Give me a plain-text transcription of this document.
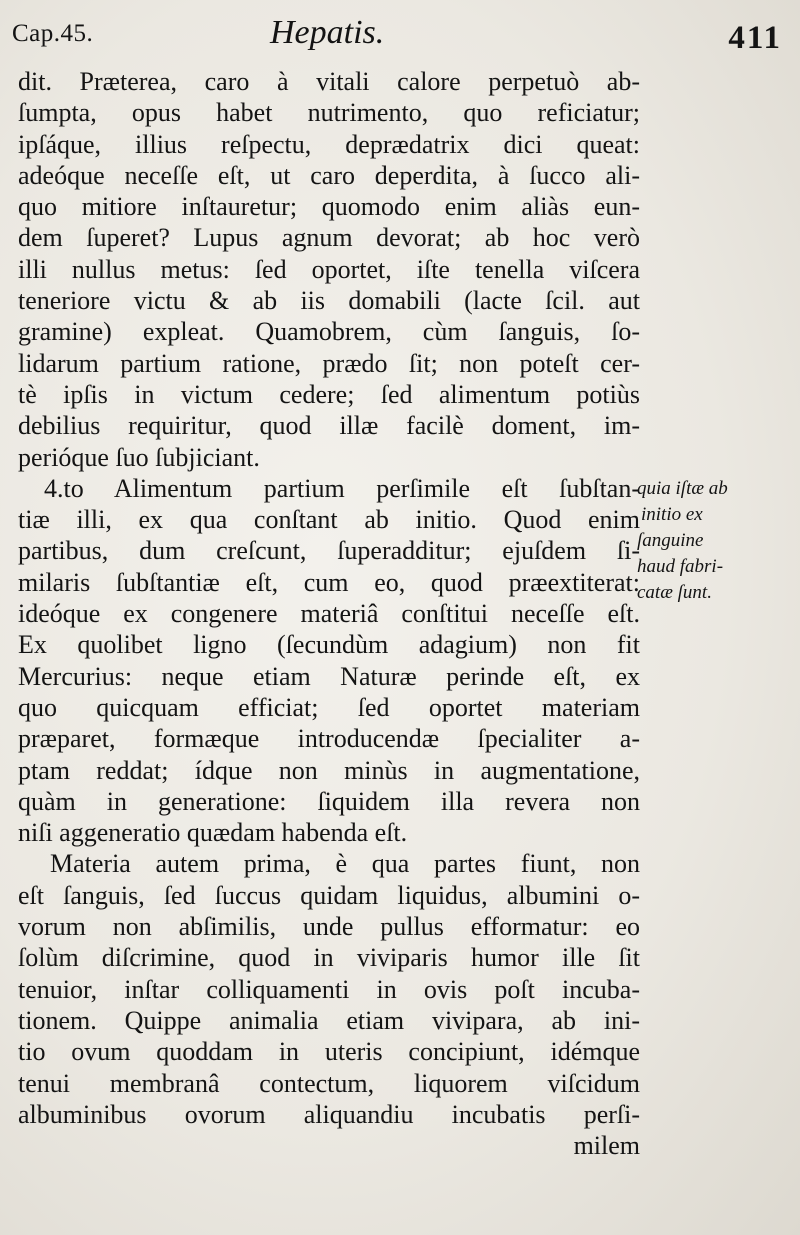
Cap.45.	Hepatis.	411
dit. Præterea, caro à vitali calore perpetuò ab-
ſumpta, opus habet nutrimento, quo reficiatur;
ipſáque, illius reſpectu, deprædatrix dici queat:
adeóque neceſſe eſt, ut caro deperdita, à ſucco ali-
quo mitiore inſtauretur; quomodo enim aliàs eun-
dem ſuperet? Lupus agnum devorat; ab hoc verò
illi nullus metus: ſed oportet, iſte tenella viſcera
teneriore victu & ab iis domabili (lacte ſcil. aut
gramine) expleat. Quamobrem, cùm ſanguis, ſo-
lidarum partium ratione, prædo ſit; non poteſt cer-
tè ipſis in victum cedere; ſed alimentum potiùs
debilius requiritur, quod illæ facilè doment, im-
perióque ſuo ſubjiciant.
4.to Alimentum partium perſimile eſt ſubſtan-
tiæ illi, ex qua conſtant ab initio. Quod enim
partibus, dum creſcunt, ſuperadditur; ejuſdem ſi-
milaris ſubſtantiæ eſt, cum eo, quod præextiterat:
ideóque ex congenere materiâ conſtitui neceſſe eſt.
Ex quolibet ligno (ſecundùm adagium) non fit
Mercurius: neque etiam Naturæ perinde eſt, ex
quo quicquam efficiat; ſed oportet materiam
præparet, formæque introducendæ ſpecialiter a-
ptam reddat; ídque non minùs in augmentatione,
quàm in generatione: ſiquidem illa revera non
niſi aggeneratio quædam habenda eſt.
Materia autem prima, è qua partes fiunt, non
eſt ſanguis, ſed ſuccus quidam liquidus, albumini o-
vorum non abſimilis, unde pullus efformatur: eo
ſolùm diſcrimine, quod in viviparis humor ille ſit
tenuior, inſtar colliquamenti in ovis poſt incuba-
tionem. Quippe animalia etiam vivipara, ab ini-
tio ovum quoddam in uteris concipiunt, idémque
tenui membranâ contectum, liquorem viſcidum
albuminibus ovorum aliquandiu incubatis perſi-
milem
quia iſtæ ab
initio ex
ſanguine
haud fabri-
catæ ſunt.
